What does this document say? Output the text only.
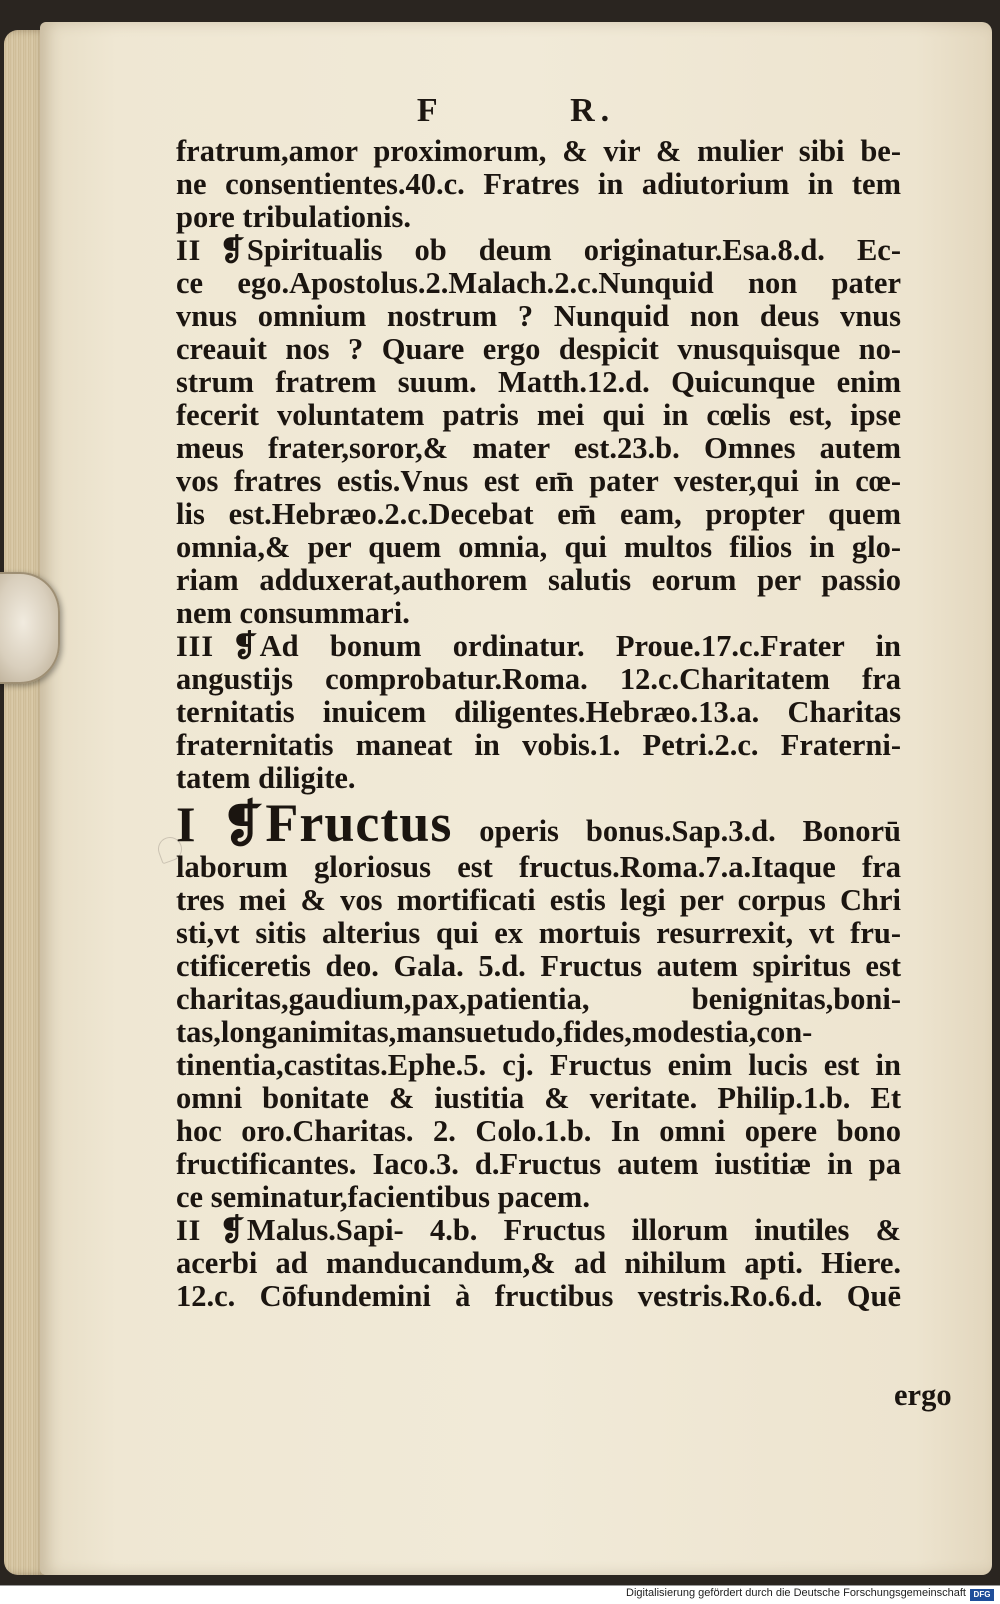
F	R.
fratrum,amor proximorum, & vir & mulier sibi be-
ne consentientes.40.c. Fratres in adiutorium in tem
pore tribulationis.
II ❡Spiritualis ob deum originatur.Esa.8.d. Ec-
ce ego.Apostolus.2.Malach.2.c.Nunquid non pater
vnus omnium nostrum ? Nunquid non deus vnus
creauit nos ? Quare ergo despicit vnusquisque no-
strum fratrem suum. Matth.12.d. Quicunque enim
fecerit voluntatem patris mei qui in cœlis est, ipse
meus frater,soror,& mater est.23.b. Omnes autem
vos fratres estis.Vnus est em̄ pater vester,qui in cœ-
lis est.Hebræo.2.c.Decebat em̄ eam, propter quem
omnia,& per quem omnia, qui multos filios in glo-
riam adduxerat,authorem salutis eorum per passio
nem consummari.
III ❡Ad bonum ordinatur. Proue.17.c.Frater in
angustijs comprobatur.Roma. 12.c.Charitatem fra
ternitatis inuicem diligentes.Hebræo.13.a. Charitas
fraternitatis maneat in vobis.1. Petri.2.c. Fraterni-
tatem diligite.
I ❡Fructus operis bonus.Sap.3.d. Bonorū
laborum gloriosus est fructus.Roma.7.a.Itaque fra
tres mei & vos mortificati estis legi per corpus Chri
sti,vt sitis alterius qui ex mortuis resurrexit, vt fru-
ctificeretis deo. Gala. 5.d. Fructus autem spiritus est
charitas,gaudium,pax,patientia, benignitas,boni-
tas,longanimitas,mansuetudo,fides,modestia,con-
tinentia,castitas.Ephe.5. cj. Fructus enim lucis est in
omni bonitate & iustitia & veritate. Philip.1.b. Et
hoc oro.Charitas. 2. Colo.1.b. In omni opere bono
fructificantes. Iaco.3. d.Fructus autem iustitiæ in pa
ce seminatur,facientibus pacem.
II ❡Malus.Sapi- 4.b. Fructus illorum inutiles &
acerbi ad manducandum,& ad nihilum apti. Hiere.
12.c. Cōfundemini à fructibus vestris.Ro.6.d. Quē
ergo
Digitalisierung gefördert durch die Deutsche Forschungsgemeinschaft DFG
